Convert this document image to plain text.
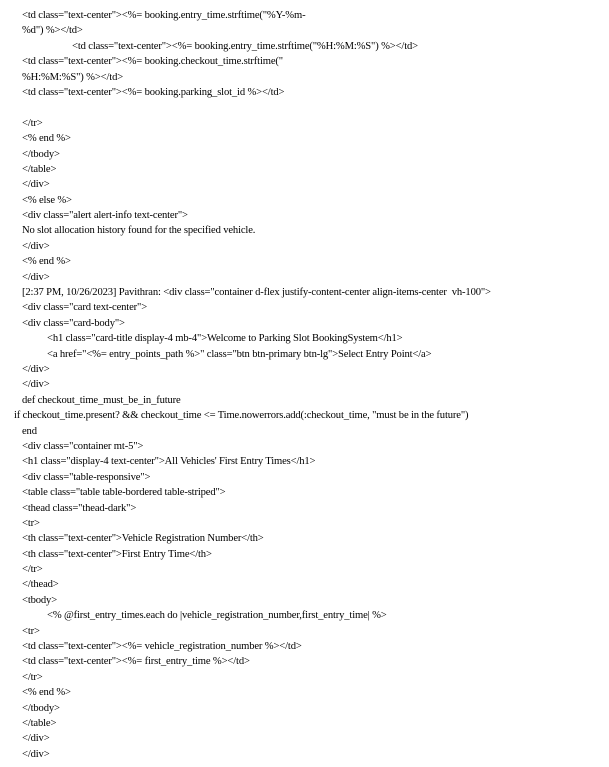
<td class="text-center"><%= booking.entry_time.strftime("%Y-%m-
%d") %></td>
<td class="text-center"><%= booking.entry_time.strftime("%H:%M:%S") %></td>
<td class="text-center"><%= booking.checkout_time.strftime("
%H:%M:%S") %></td>
<td class="text-center"><%= booking.parking_slot_id %></td>
</tr>
<% end %>
</tbody>
</table>
</div>
<% else %>
<div class="alert alert-info text-center">
No slot allocation history found for the specified vehicle.
</div>
<% end %>
</div>
[2:37 PM, 10/26/2023] Pavithran: <div class="container d-flex justify-content-center align-items-center  vh-100">
<div class="card text-center">
<div class="card-body">
<h1 class="card-title display-4 mb-4">Welcome to Parking Slot BookingSystem</h1>
<a href="<%= entry_points_path %>" class="btn btn-primary btn-lg">Select Entry Point</a>
</div>
</div>
def checkout_time_must_be_in_future
if checkout_time.present? && checkout_time <= Time.nowerrors.add(:checkout_time, "must be in the future")
end
<div class="container mt-5">
<h1 class="display-4 text-center">All Vehicles' First Entry Times</h1>
<div class="table-responsive">
<table class="table table-bordered table-striped">
<thead class="thead-dark">
<tr>
<th class="text-center">Vehicle Registration Number</th>
<th class="text-center">First Entry Time</th>
</tr>
</thead>
<tbody>
<% @first_entry_times.each do |vehicle_registration_number,first_entry_time| %>
<tr>
<td class="text-center"><%= vehicle_registration_number %></td>
<td class="text-center"><%= first_entry_time %></td>
</tr>
<% end %>
</tbody>
</table>
</div>
</div>
